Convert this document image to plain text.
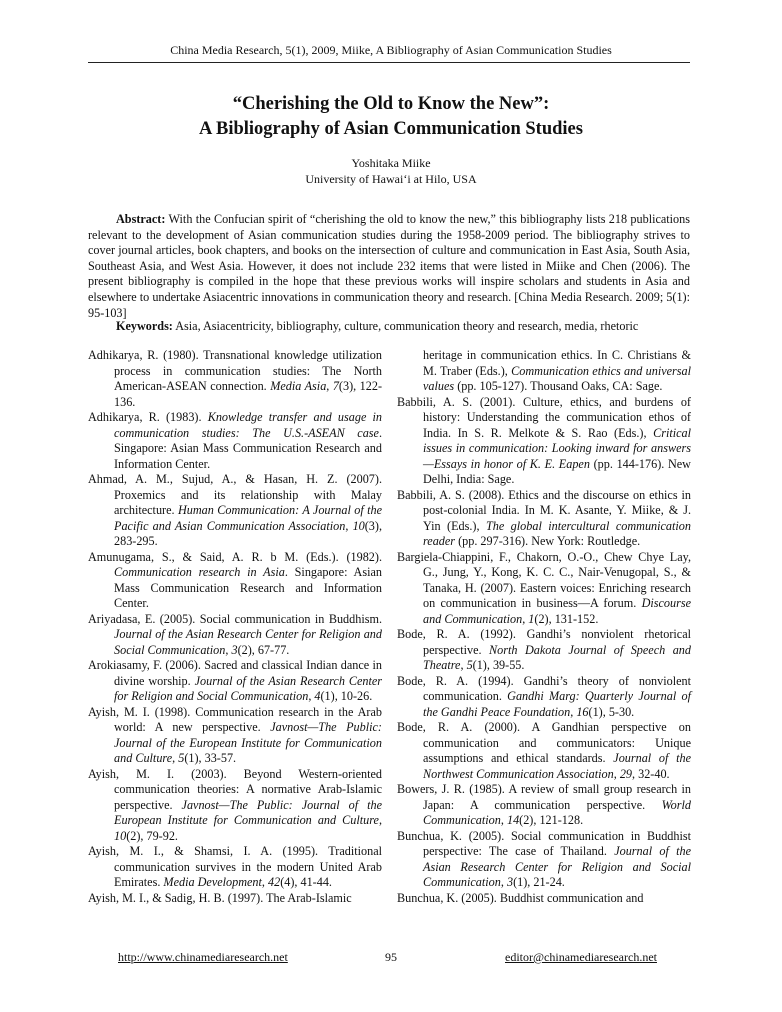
China Media Research, 5(1), 2009, Miike, A Bibliography of Asian Communication Studies
“Cherishing the Old to Know the New”:
A Bibliography of Asian Communication Studies
Yoshitaka Miike
University of Hawai‘i at Hilo, USA

Abstract: With the Confucian spirit of “cherishing the old to know the new,” this bibliography lists 218 publications relevant to the development of Asian communication studies during the 1958-2009 period. The bibliography strives to cover journal articles, book chapters, and books on the intersection of culture and communication in East Asia, South Asia, Southeast Asia, and West Asia. However, it does not include 232 items that were listed in Miike and Chen (2006). The present bibliography is compiled in the hope that these previous works will inspire scholars and students in Asia and elsewhere to undertake Asiacentric innovations in communication theory and research. [China Media Research. 2009; 5(1): 95-103]

Keywords: Asia, Asiacentricity, bibliography, culture, communication theory and research, media, rhetoric

Adhikarya, R. (1980). Transnational knowledge utilization process in communication studies: The North American-ASEAN connection. Media Asia, 7(3), 122-136.

Adhikarya, R. (1983). Knowledge transfer and usage in communication studies: The U.S.-ASEAN case. Singapore: Asian Mass Communication Research and Information Center.

Ahmad, A. M., Sujud, A., & Hasan, H. Z. (2007). Proxemics and its relationship with Malay architecture. Human Communication: A Journal of the Pacific and Asian Communication Association, 10(3), 283-295.

Amunugama, S., & Said, A. R. b M. (Eds.). (1982). Communication research in Asia. Singapore: Asian Mass Communication Research and Information Center.

Ariyadasa, E. (2005). Social communication in Buddhism. Journal of the Asian Research Center for Religion and Social Communication, 3(2), 67-77.

Arokiasamy, F. (2006). Sacred and classical Indian dance in divine worship. Journal of the Asian Research Center for Religion and Social Communication, 4(1), 10-26.

Ayish, M. I. (1998). Communication research in the Arab world: A new perspective. Javnost—The Public: Journal of the European Institute for Communication and Culture, 5(1), 33-57.

Ayish, M. I. (2003). Beyond Western-oriented communication theories: A normative Arab-Islamic perspective. Javnost—The Public: Journal of the European Institute for Communication and Culture, 10(2), 79-92.

Ayish, M. I., & Shamsi, I. A. (1995). Traditional communication survives in the modern United Arab Emirates. Media Development, 42(4), 41-44.

Ayish, M. I., & Sadig, H. B. (1997). The Arab-Islamic

heritage in communication ethics. In C. Christians & M. Traber (Eds.), Communication ethics and universal values (pp. 105-127). Thousand Oaks, CA: Sage.

Babbili, A. S. (2001). Culture, ethics, and burdens of history: Understanding the communication ethos of India. In S. R. Melkote & S. Rao (Eds.), Critical issues in communication: Looking inward for answers—Essays in honor of K. E. Eapen (pp. 144-176). New Delhi, India: Sage.

Babbili, A. S. (2008). Ethics and the discourse on ethics in post-colonial India. In M. K. Asante, Y. Miike, & J. Yin (Eds.), The global intercultural communication reader (pp. 297-316). New York: Routledge.

Bargiela-Chiappini, F., Chakorn, O.-O., Chew Chye Lay, G., Jung, Y., Kong, K. C. C., Nair-Venugopal, S., & Tanaka, H. (2007). Eastern voices: Enriching research on communication in business—A forum. Discourse and Communication, 1(2), 131-152.

Bode, R. A. (1992). Gandhi’s nonviolent rhetorical perspective. North Dakota Journal of Speech and Theatre, 5(1), 39-55.

Bode, R. A. (1994). Gandhi’s theory of nonviolent communication. Gandhi Marg: Quarterly Journal of the Gandhi Peace Foundation, 16(1), 5-30.

Bode, R. A. (2000). A Gandhian perspective on communication and communicators: Unique assumptions and ethical standards. Journal of the Northwest Communication Association, 29, 32-40.

Bowers, J. R. (1985). A review of small group research in Japan: A communication perspective. World Communication, 14(2), 121-128.

Bunchua, K. (2005). Social communication in Buddhist perspective: The case of Thailand. Journal of the Asian Research Center for Religion and Social Communication, 3(1), 21-24.

Bunchua, K. (2005). Buddhist communication and

http://www.chinamediaresearch.net	95	editor@chinamediaresearch.net
